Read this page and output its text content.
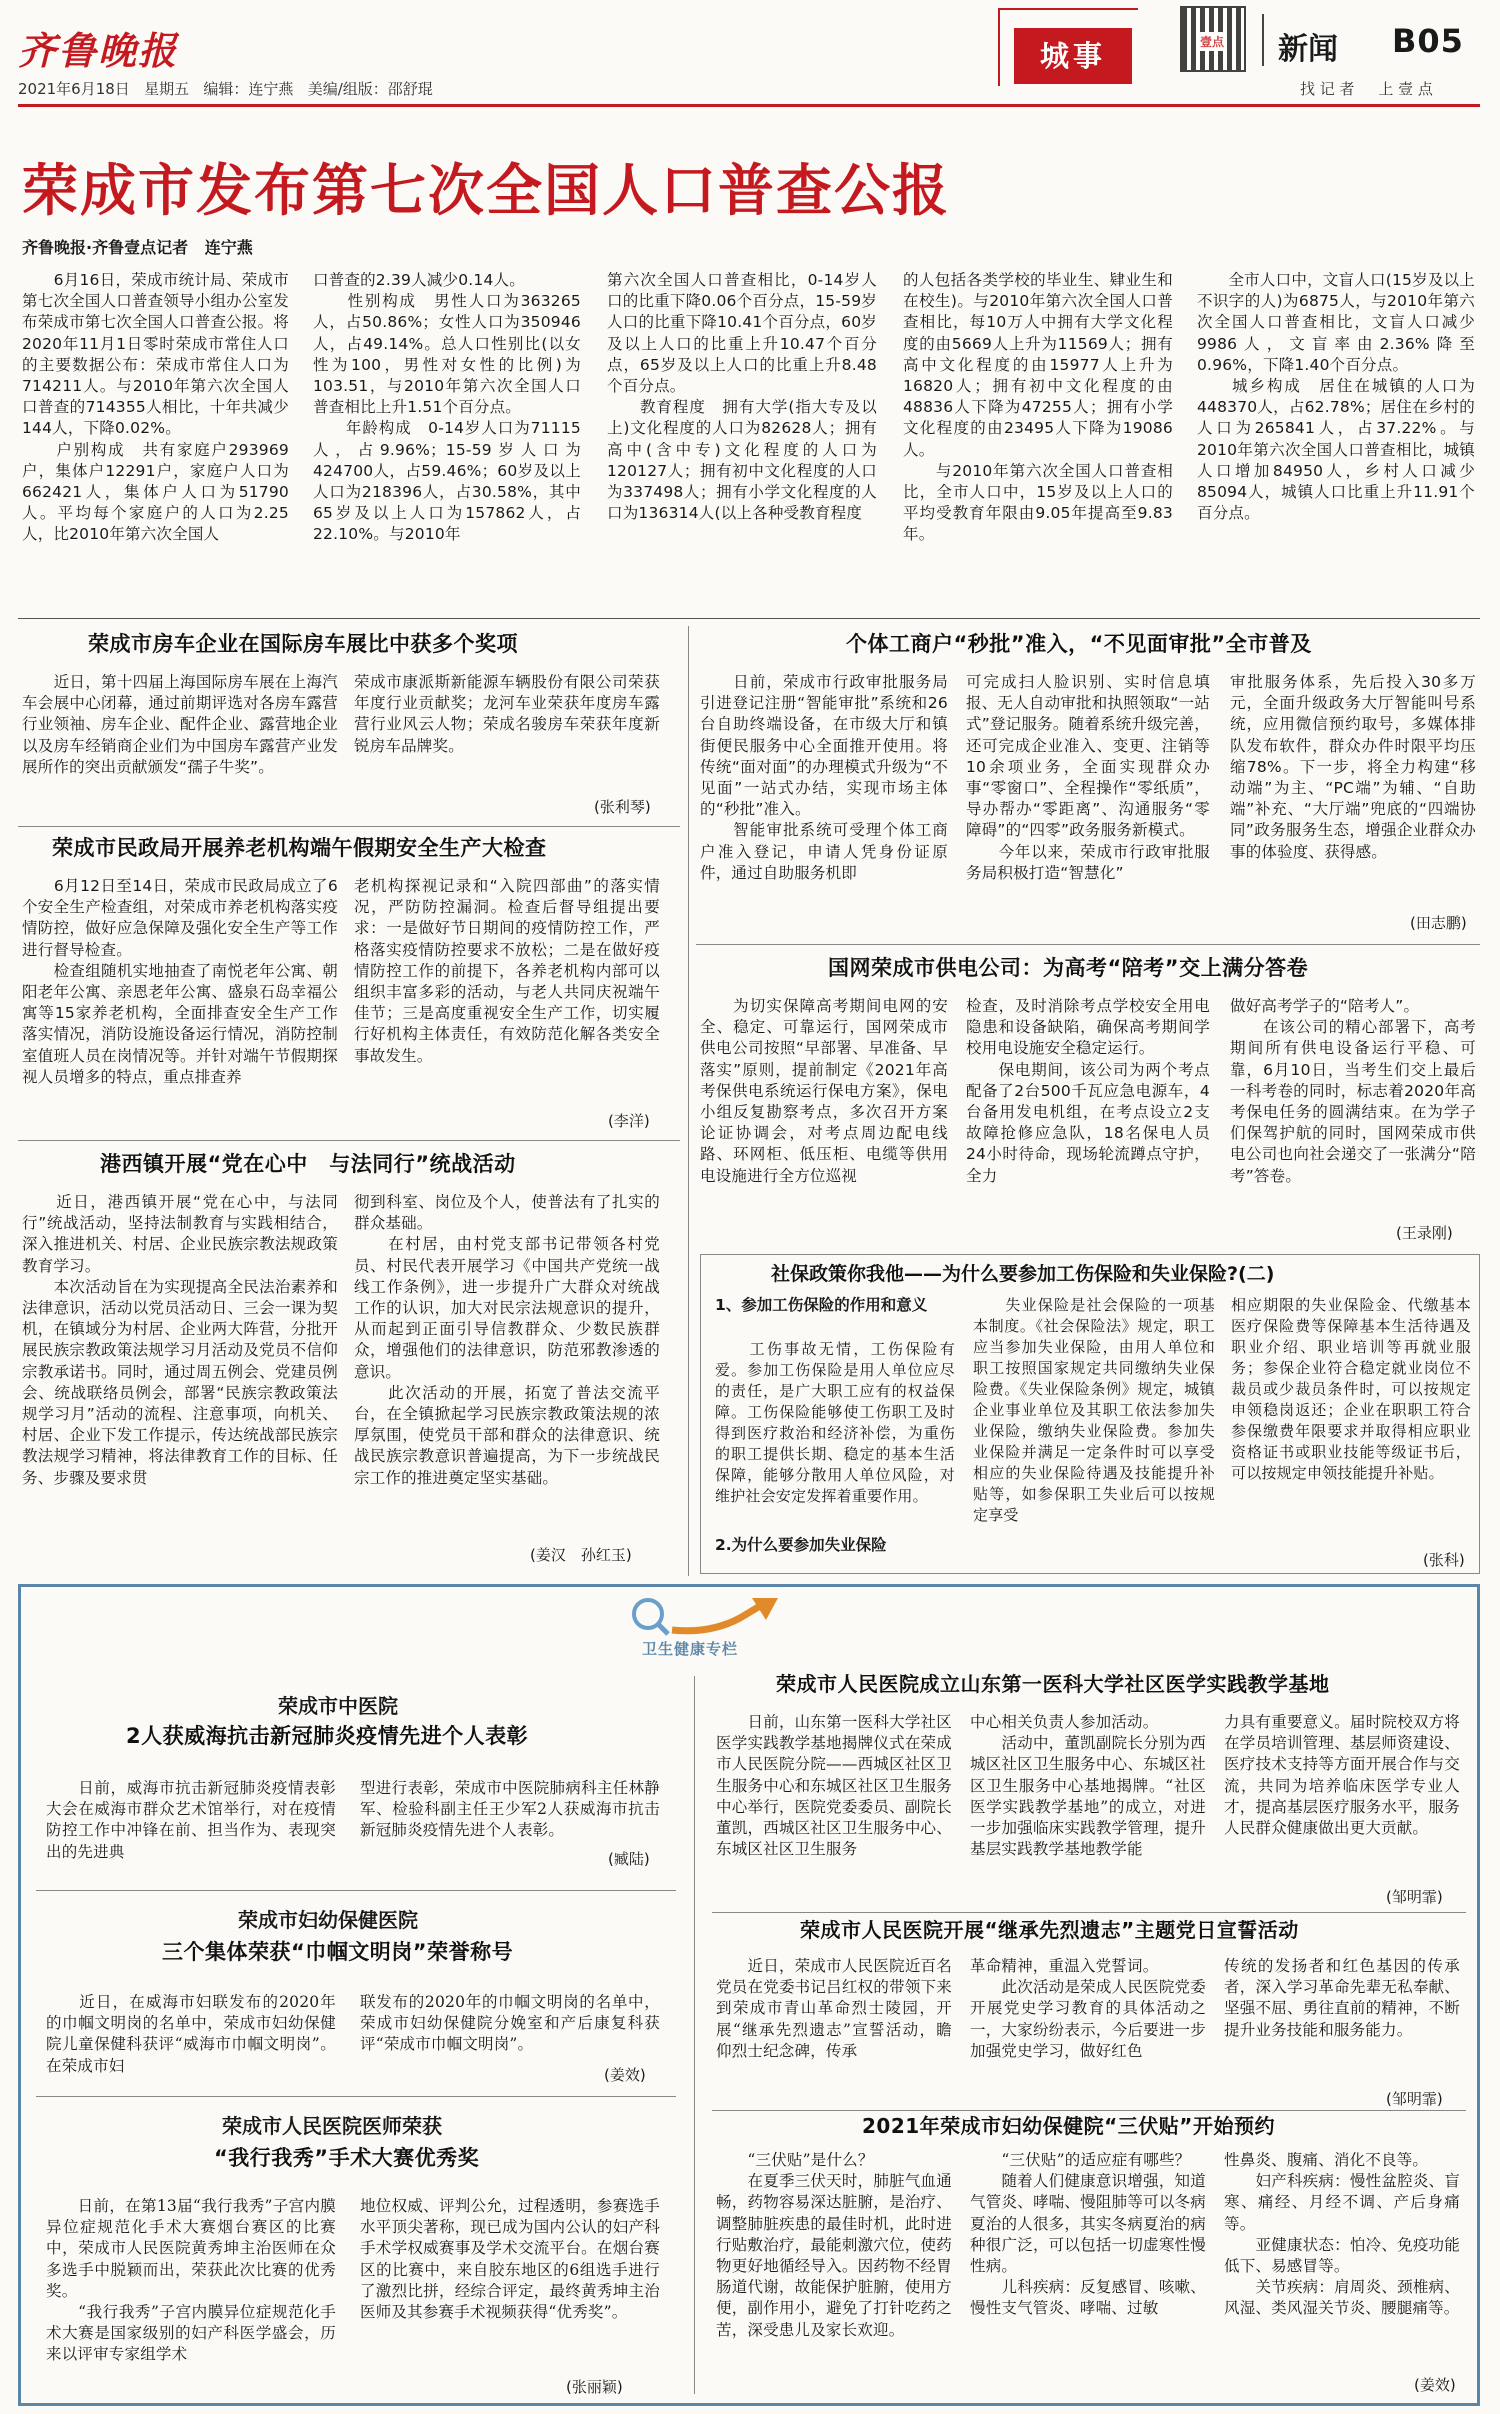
齐鲁晚报
2021年6月18日   星期五   编辑：连宁燕   美编/组版：邵舒琨
城事	壹点 新闻 B05
找 记 者     上 壹 点
荣成市发布第七次全国人口普查公报
齐鲁晚报·齐鲁壹点记者   连宁燕
　　6月16日，荣成市统计局、荣成市第七次全国人口普查领导小组办公室发布荣成市第七次全国人口普查公报。将2020年11月1日零时荣成市常住人口的主要数据公布：荣成市常住人口为714211人。与2010年第六次全国人口普查的714355人相比，十年共减少144人，下降0.02%。
　　户别构成　共有家庭户293969户，集体户12291户，家庭户人口为662421人，集体户人口为51790人。平均每个家庭户的人口为2.25人，比2010年第六次全国人
口普查的2.39人减少0.14人。
　　性别构成　男性人口为363265人，占50.86%；女性人口为350946人，占49.14%。总人口性别比(以女性为100，男性对女性的比例)为103.51，与2010年第六次全国人口普查相比上升1.51个百分点。
　　年龄构成　0-14岁人口为71115人，占9.96%；15-59岁人口为424700人，占59.46%；60岁及以上人口为218396人，占30.58%，其中65岁及以上人口为157862人，占22.10%。与2010年
第六次全国人口普查相比，0-14岁人口的比重下降0.06个百分点，15-59岁人口的比重下降10.41个百分点，60岁及以上人口的比重上升10.47个百分点，65岁及以上人口的比重上升8.48个百分点。
　　教育程度　拥有大学(指大专及以上)文化程度的人口为82628人；拥有高中(含中专)文化程度的人口为120127人；拥有初中文化程度的人口为337498人；拥有小学文化程度的人口为136314人(以上各种受教育程度
的人包括各类学校的毕业生、肄业生和在校生)。与2010年第六次全国人口普查相比，每10万人中拥有大学文化程度的由5669人上升为11569人；拥有高中文化程度的由15977人上升为16820人；拥有初中文化程度的由48836人下降为47255人；拥有小学文化程度的由23495人下降为19086人。
　　与2010年第六次全国人口普查相比，全市人口中，15岁及以上人口的平均受教育年限由9.05年提高至9.83年。
　　全市人口中，文盲人口(15岁及以上不识字的人)为6875人，与2010年第六次全国人口普查相比，文盲人口减少9986人，文盲率由2.36%降至0.96%，下降1.40个百分点。
　　城乡构成　居住在城镇的人口为448370人，占62.78%；居住在乡村的人口为265841人，占37.22%。与2010年第六次全国人口普查相比，城镇人口增加84950人，乡村人口减少85094人，城镇人口比重上升11.91个百分点。
荣成市房车企业在国际房车展比中获多个奖项
　　近日，第十四届上海国际房车展在上海汽车会展中心闭幕，通过前期评选对各房车露营行业领袖、房车企业、配件企业、露营地企业以及房车经销商企业们为中国房车露营产业发展所作的突出贡献颁发“孺子牛奖”。
荣成市康派斯新能源车辆股份有限公司荣获年度行业贡献奖；龙河车业荣获年度房车露营行业风云人物；荣成名骏房车荣获年度新锐房车品牌奖。
(张利琴)
荣成市民政局开展养老机构端午假期安全生产大检查
　　6月12日至14日，荣成市民政局成立了6个安全生产检查组，对荣成市养老机构落实疫情防控，做好应急保障及强化安全生产等工作进行督导检查。
　　检查组随机实地抽查了南悦老年公寓、朝阳老年公寓、亲恩老年公寓、盛泉石岛幸福公寓等15家养老机构，全面排查安全生产工作落实情况，消防设施设备运行情况，消防控制室值班人员在岗情况等。并针对端午节假期探视人员增多的特点，重点排查养
老机构探视记录和“入院四部曲”的落实情况，严防防控漏洞。检查后督导组提出要求：一是做好节日期间的疫情防控工作，严格落实疫情防控要求不放松；二是在做好疫情防控工作的前提下，各养老机构内部可以组织丰富多彩的活动，与老人共同庆祝端午佳节；三是高度重视安全生产工作，切实履行好机构主体责任，有效防范化解各类安全事故发生。
(李洋)
港西镇开展“党在心中　与法同行”统战活动
　　近日，港西镇开展“党在心中，与法同行”统战活动，坚持法制教育与实践相结合，深入推进机关、村居、企业民族宗教法规政策教育学习。
　　本次活动旨在为实现提高全民法治素养和法律意识，活动以党员活动日、三会一课为契机，在镇域分为村居、企业两大阵营，分批开展民族宗教政策法规学习月活动及党员不信仰宗教承诺书。同时，通过周五例会、党建员例会、统战联络员例会，部署“民族宗教政策法规学习月”活动的流程、注意事项，向机关、村居、企业下发工作提示，传达统战部民族宗教法规学习精神，将法律教育工作的目标、任务、步骤及要求贯
彻到科室、岗位及个人，使普法有了扎实的群众基础。
　　在村居，由村党支部书记带领各村党员、村民代表开展学习《中国共产党统一战线工作条例》，进一步提升广大群众对统战工作的认识，加大对民宗法规意识的提升，从而起到正面引导信教群众、少数民族群众，增强他们的法律意识，防范邪教渗透的意识。
　　此次活动的开展，拓宽了普法交流平台，在全镇掀起学习民族宗教政策法规的浓厚氛围，使党员干部和群众的法律意识、统战民族宗教意识普遍提高，为下一步统战民宗工作的推进奠定坚实基础。
(姜汉　孙红玉)
个体工商户“秒批”准入，“不见面审批”全市普及
　　日前，荣成市行政审批服务局引进登记注册“智能审批”系统和26台自助终端设备，在市级大厅和镇街便民服务中心全面推开使用。将传统“面对面”的办理模式升级为“不见面”一站式办结，实现市场主体的“秒批”准入。
　　智能审批系统可受理个体工商户准入登记，申请人凭身份证原件，通过自助服务机即
可完成扫人脸识别、实时信息填报、无人自动审批和执照领取“一站式”登记服务。随着系统升级完善，还可完成企业准入、变更、注销等10余项业务，全面实现群众办事“零窗口”、全程操作“零纸质”，导办帮办“零距离”、沟通服务“零障碍”的“四零”政务服务新模式。
　　今年以来，荣成市行政审批服务局积极打造“智慧化”
审批服务体系，先后投入30多万元，全面升级政务大厅智能叫号系统，应用微信预约取号，多媒体排队发布软件，群众办件时限平均压缩78%。下一步，将全力构建“移动端”为主、“PC端”为辅、“自助端”补充、“大厅端”兜底的“四端协同”政务服务生态，增强企业群众办事的体验度、获得感。
(田志鹏)
国网荣成市供电公司：为高考“陪考”交上满分答卷
　　为切实保障高考期间电网的安全、稳定、可靠运行，国网荣成市供电公司按照“早部署、早准备、早落实”原则，提前制定《2021年高考保供电系统运行保电方案》，保电小组反复勘察考点，多次召开方案论证协调会，对考点周边配电线路、环网柜、低压柜、电缆等供用电设施进行全方位巡视
检查，及时消除考点学校安全用电隐患和设备缺陷，确保高考期间学校用电设施安全稳定运行。
　　保电期间，该公司为两个考点配备了2台500千瓦应急电源车，4台备用发电机组，在考点设立2支故障抢修应急队，18名保电人员24小时待命，现场轮流蹲点守护，全力
做好高考学子的“陪考人”。
　　在该公司的精心部署下，高考期间所有供电设备运行平稳、可靠，6月10日，当考生们交上最后一科考卷的同时，标志着2020年高考保电任务的圆满结束。在为学子们保驾护航的同时，国网荣成市供电公司也向社会递交了一张满分“陪考”答卷。
(王录刚)
社保政策你我他——为什么要参加工伤保险和失业保险?(二)
1、参加工伤保险的作用和意义
　　工伤事故无情，工伤保险有爱。参加工伤保险是用人单位应尽的责任，是广大职工应有的权益保障。工伤保险能够使工伤职工及时得到医疗救治和经济补偿，为重伤的职工提供长期、稳定的基本生活保障，能够分散用人单位风险，对维护社会安定发挥着重要作用。
2.为什么要参加失业保险
　　失业保险是社会保险的一项基本制度。《社会保险法》规定，职工应当参加失业保险，由用人单位和职工按照国家规定共同缴纳失业保险费。《失业保险条例》规定，城镇企业事业单位及其职工依法参加失业保险，缴纳失业保险费。参加失业保险并满足一定条件时可以享受相应的失业保险待遇及技能提升补贴等，如参保职工失业后可以按规定享受
相应期限的失业保险金、代缴基本医疗保险费等保障基本生活待遇及职业介绍、职业培训等再就业服务；参保企业符合稳定就业岗位不裁员或少裁员条件时，可以按规定申领稳岗返还；企业在职职工符合参保缴费年限要求并取得相应职业资格证书或职业技能等级证书后，可以按规定申领技能提升补贴。
(张科)
卫生健康专栏
荣成市中医院
2人获威海抗击新冠肺炎疫情先进个人表彰
　　日前，威海市抗击新冠肺炎疫情表彰大会在威海市群众艺术馆举行，对在疫情防控工作中冲锋在前、担当作为、表现突出的先进典
型进行表彰，荣成市中医院肺病科主任林静军、检验科副主任王少军2人获威海市抗击新冠肺炎疫情先进个人表彰。
(臧陆)
荣成市妇幼保健医院
三个集体荣获“巾帼文明岗”荣誉称号
　　近日，在威海市妇联发布的2020年的巾帼文明岗的名单中，荣成市妇幼保健院儿童保健科获评“威海市巾帼文明岗”。在荣成市妇
联发布的2020年的巾帼文明岗的名单中，荣成市妇幼保健院分娩室和产后康复科获评“荣成市巾帼文明岗”。
(姜效)
荣成市人民医院医师荣获
“我行我秀”手术大赛优秀奖
　　日前，在第13届“我行我秀”子宫内膜异位症规范化手术大赛烟台赛区的比赛中，荣成市人民医院黄秀坤主治医师在众多选手中脱颖而出，荣获此次比赛的优秀奖。
　　“我行我秀”子宫内膜异位症规范化手术大赛是国家级别的妇产科医学盛会，历来以评审专家组学术
地位权威、评判公允，过程透明，参赛选手水平顶尖著称，现已成为国内公认的妇产科手术学权威赛事及学术交流平台。在烟台赛区的比赛中，来自胶东地区的6组选手进行了激烈比拼，经综合评定，最终黄秀坤主治医师及其参赛手术视频获得“优秀奖”。
(张丽颖)
荣成市人民医院成立山东第一医科大学社区医学实践教学基地
　　日前，山东第一医科大学社区医学实践教学基地揭牌仪式在荣成市人民医院分院——西城区社区卫生服务中心和东城区社区卫生服务中心举行，医院党委委员、副院长董凯，西城区社区卫生服务中心、东城区社区卫生服务
中心相关负责人参加活动。
　　活动中，董凯副院长分别为西城区社区卫生服务中心、东城区社区卫生服务中心基地揭牌。“社区医学实践教学基地”的成立，对进一步加强临床实践教学管理，提升基层实践教学基地教学能
力具有重要意义。届时院校双方将在学员培训管理、基层师资建设、医疗技术支持等方面开展合作与交流，共同为培养临床医学专业人才，提高基层医疗服务水平，服务人民群众健康做出更大贡献。
(邹明霏)
荣成市人民医院开展“继承先烈遗志”主题党日宣誓活动
　　近日，荣成市人民医院近百名党员在党委书记吕红权的带领下来到荣成市青山革命烈士陵园，开展“继承先烈遗志”宣誓活动，瞻仰烈士纪念碑，传承
革命精神，重温入党誓词。
　　此次活动是荣成人民医院党委开展党史学习教育的具体活动之一，大家纷纷表示，今后要进一步加强党史学习，做好红色
传统的发扬者和红色基因的传承者，深入学习革命先辈无私奉献、坚强不屈、勇往直前的精神，不断提升业务技能和服务能力。
(邹明霏)
2021年荣成市妇幼保健院“三伏贴”开始预约
　　“三伏贴”是什么？
　　在夏季三伏天时，肺脏气血通畅，药物容易深达脏腑，是治疗、调整肺脏疾患的最佳时机，此时进行贴敷治疗，最能刺激穴位，使药物更好地循经导入。因药物不经胃肠道代谢，故能保护脏腑，使用方便，副作用小，避免了打针吃药之苦，深受患儿及家长欢迎。
　　“三伏贴”的适应症有哪些？
　　随着人们健康意识增强，知道气管炎、哮喘、慢阻肺等可以冬病夏治的人很多，其实冬病夏治的病种很广泛，可以包括一切虚寒性慢性病。
　　儿科疾病：反复感冒、咳嗽、慢性支气管炎、哮喘、过敏
性鼻炎、腹痛、消化不良等。
　　妇产科疾病：慢性盆腔炎、盲寒、痛经、月经不调、产后身痛等。
　　亚健康状态：怕冷、免疫功能低下、易感冒等。
　　关节疾病：肩周炎、颈椎病、风湿、类风湿关节炎、腰腿痛等。
(姜效)
